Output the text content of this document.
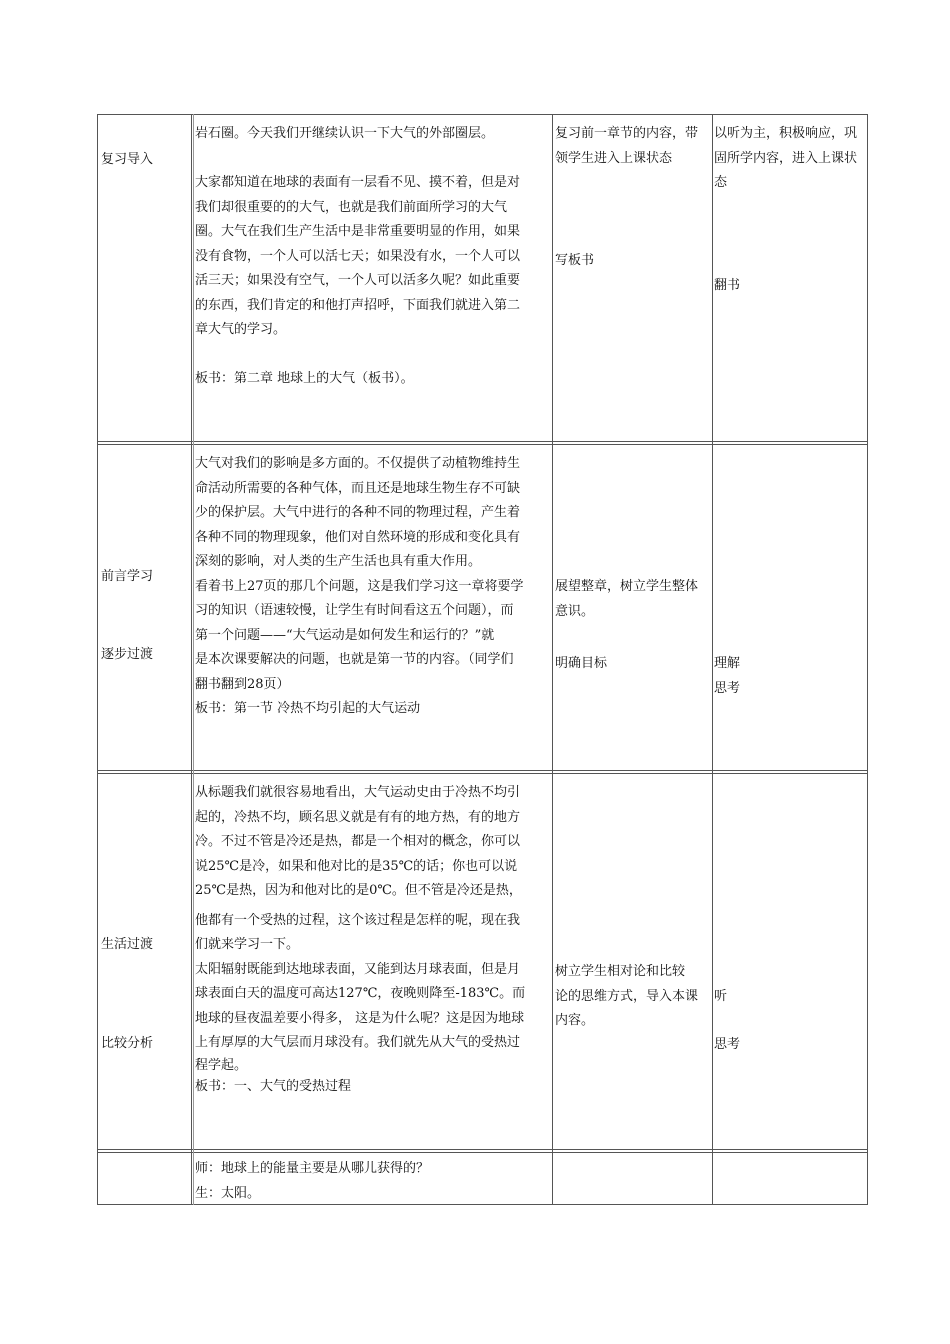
复习导入
岩石圈。今天我们开继续认识一下大气的外部圈层。
大家都知道在地球的表面有一层看不见、摸不着，但是对
我们却很重要的的大气，也就是我们前面所学习的大气
圈。大气在我们生产生活中是非常重要明显的作用，如果
没有食物，一个人可以活七天；如果没有水，一个人可以
活三天；如果没有空气，一个人可以活多久呢？如此重要
的东西，我们肯定的和他打声招呼，下面我们就进入第二
章大气的学习。
板书：第二章 地球上的大气（板书）。
复习前一章节的内容，带
领学生进入上课状态
写板书
以听为主，积极响应，巩
固所学内容，进入上课状
态
翻书
前言学习
逐步过渡
大气对我们的影响是多方面的。不仅提供了动植物维持生
命活动所需要的各种气体，而且还是地球生物生存不可缺
少的保护层。大气中进行的各种不同的物理过程，产生着
各种不同的物理现象，他们对自然环境的形成和变化具有
深刻的影响，对人类的生产生活也具有重大作用。
看着书上27页的那几个问题，这是我们学习这一章将要学
习的知识（语速较慢，让学生有时间看这五个问题），而
第一个问题——“大气运动是如何发生和运行的？”就
是本次课要解决的问题，也就是第一节的内容。（同学们
翻书翻到28页）
板书：第一节 冷热不均引起的大气运动
展望整章，树立学生整体
意识。
明确目标	理解
思考
生活过渡
比较分析
从标题我们就很容易地看出，大气运动史由于冷热不均引
起的，冷热不均，顾名思义就是有有的地方热，有的地方
冷。不过不管是冷还是热，都是一个相对的概念，你可以
说25℃是冷，如果和他对比的是35℃的话；你也可以说
25℃是热，因为和他对比的是0℃。但不管是冷还是热，
他都有一个受热的过程，这个该过程是怎样的呢，现在我
们就来学习一下。
太阳辐射既能到达地球表面，又能到达月球表面，但是月
球表面白天的温度可高达127℃，夜晚则降至-183℃。而
地球的昼夜温差要小得多， 这是为什么呢？这是因为地球
上有厚厚的大气层而月球没有。我们就先从大气的受热过
程学起。
板书：一、大气的受热过程
树立学生相对论和比较
论的思维方式，导入本课
内容。
听
思考
师：地球上的能量主要是从哪儿获得的？
生：太阳。
